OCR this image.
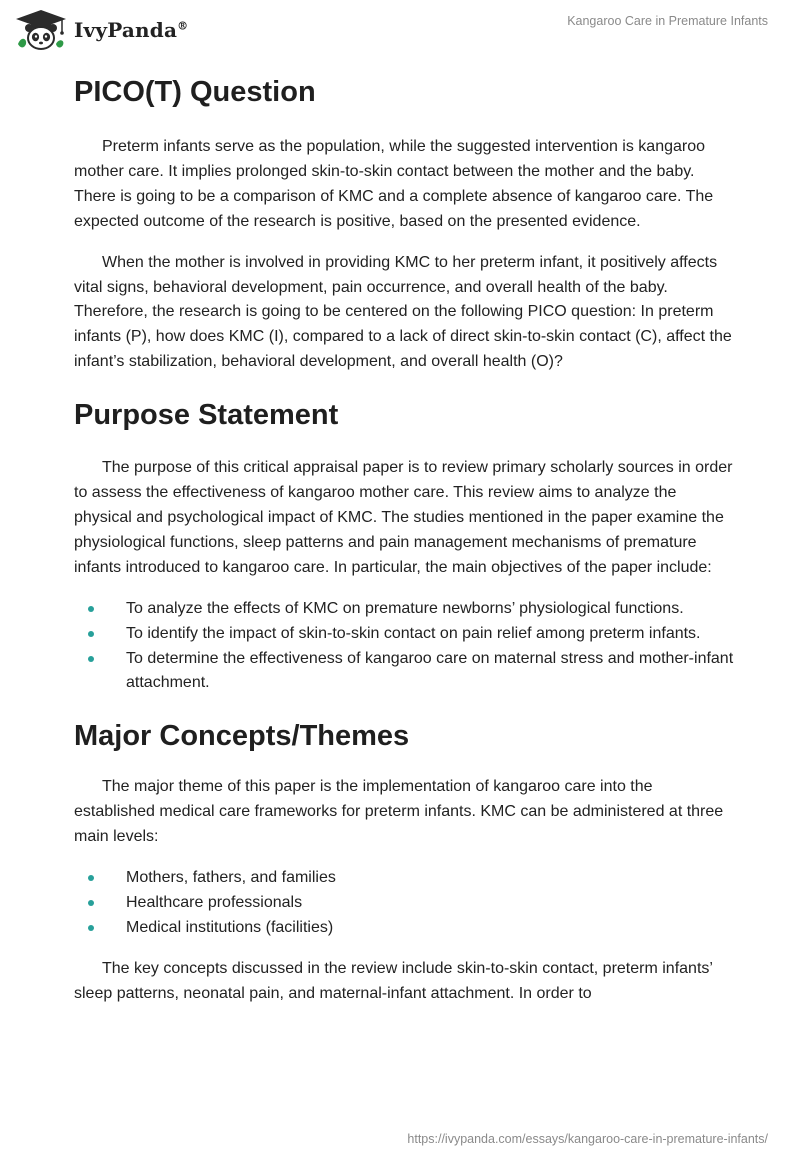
IvyPanda®	Kangaroo Care in Premature Infants
PICO(T) Question

Preterm infants serve as the population, while the suggested intervention is kangaroo mother care. It implies prolonged skin-to-skin contact between the mother and the baby. There is going to be a comparison of KMC and a complete absence of kangaroo care. The expected outcome of the research is positive, based on the presented evidence.

When the mother is involved in providing KMC to her preterm infant, it positively affects vital signs, behavioral development, pain occurrence, and overall health of the baby. Therefore, the research is going to be centered on the following PICO question: In preterm infants (P), how does KMC (I), compared to a lack of direct skin-to-skin contact (C), affect the infant’s stabilization, behavioral development, and overall health (O)?

Purpose Statement

The purpose of this critical appraisal paper is to review primary scholarly sources in order to assess the effectiveness of kangaroo mother care. This review aims to analyze the physical and psychological impact of KMC. The studies mentioned in the paper examine the physiological functions, sleep patterns and pain management mechanisms of premature infants introduced to kangaroo care. In particular, the main objectives of the paper include:

To analyze the effects of KMC on premature newborns’ physiological functions.
To identify the impact of skin-to-skin contact on pain relief among preterm infants.
To determine the effectiveness of kangaroo care on maternal stress and mother-infant attachment.
Major Concepts/Themes

The major theme of this paper is the implementation of kangaroo care into the established medical care frameworks for preterm infants. KMC can be administered at three main levels:

Mothers, fathers, and families
Healthcare professionals
Medical institutions (facilities)

The key concepts discussed in the review include skin-to-skin contact, preterm infants’ sleep patterns, neonatal pain, and maternal-infant attachment. In order to

https://ivypanda.com/essays/kangaroo-care-in-premature-infants/
